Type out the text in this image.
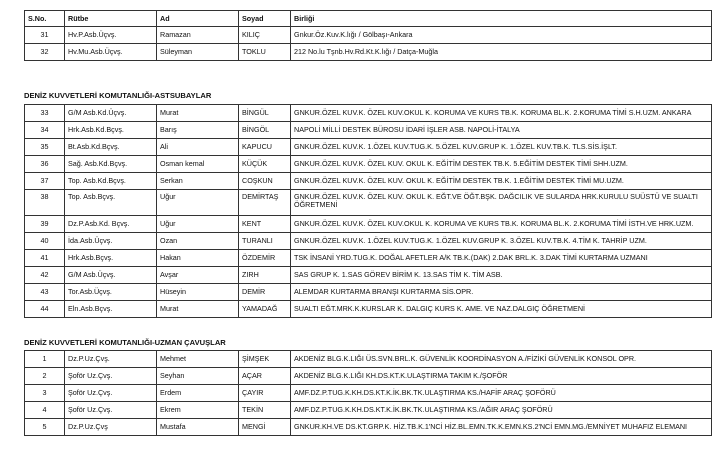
S.No.	Rütbe	Ad	Soyad	Birliği
31	Hv.P.Asb.Üçvş.	Ramazan	KILIÇ	Gnkur.Öz.Kuv.K.lığı / Gölbaşı-Ankara
32	Hv.Mu.Asb.Üçvş.	Süleyman	TOKLU	212 No.lu Tşnb.Hv.Rd.Kt.K.lığı / Datça-Muğla
DENİZ KUVVETLERİ KOMUTANLIĞI-ASTSUBAYLAR
33	G/M Asb.Kd.Üçvş.	Murat	BİNGÜL	GNKUR.ÖZEL KUV.K. ÖZEL KUV.OKUL K. KORUMA VE KURS TB.K. KORUMA BL.K. 2.KORUMA TİMİ S.H.UZM. ANKARA
34	Hrk.Asb.Kd.Bçvş.	Barış	BİNGÖL	NAPOLİ MİLLİ DESTEK BÜROSU İDARİ İŞLER ASB. NAPOLİ-İTALYA
35	Bt.Asb.Kd.Bçvş.	Ali	KAPUCU	GNKUR.ÖZEL KUV.K. 1.ÖZEL KUV.TUG.K. 5.ÖZEL KUV.GRUP K. 1.ÖZEL KUV.TB.K. TLS.SİS.İŞLT.
36	Sağ. Asb.Kd.Bçvş.	Osman kemal	KÜÇÜK	GNKUR.ÖZEL KUV.K. ÖZEL KUV. OKUL K. EĞİTİM DESTEK TB.K. 5.EĞİTİM DESTEK TİMİ SHH.UZM.
37	Top. Asb.Kd.Bçvş.	Serkan	COŞKUN	GNKUR.ÖZEL KUV.K. ÖZEL KUV. OKUL K. EĞİTİM DESTEK TB.K. 1.EĞİTİM DESTEK TİMİ MU.UZM.
38	Top. Asb.Bçvş.	Uğur	DEMİRTAŞ	GNKUR.ÖZEL KUV.K. ÖZEL KUV. OKUL K. EĞT.VE ÖĞT.BŞK. DAĞCILIK VE SULARDA HRK.KURULU SUÜSTÜ VE SUALTI ÖĞRETMENİ
39	Dz.P.Asb.Kd. Bçvş.	Uğur	KENT	GNKUR.ÖZEL KUV.K. ÖZEL KUV.OKUL K. KORUMA VE KURS TB.K. KORUMA BL.K. 2.KORUMA TİMİ İSTH.VE HRK.UZM.
40	İda.Asb.Üçvş.	Ozan	TURANLI	GNKUR.ÖZEL KUV.K. 1.ÖZEL KUV.TUG.K. 1.ÖZEL KUV.GRUP K. 3.ÖZEL KUV.TB.K. 4.TİM K. TAHRİP UZM.
41	Hrk.Asb.Bçvş.	Hakan	ÖZDEMİR	TSK İNSANİ YRD.TUG.K. DOĞAL AFETLER A/K TB.K.(DAK) 2.DAK BRL.K. 3.DAK TİMİ KURTARMA UZMANI
42	G/M Asb.Üçvş.	Avşar	ZIRH	SAS GRUP K. 1.SAS GÖREV BİRİM K. 13.SAS TİM K. TİM ASB.
43	Tor.Asb.Üçvş.	Hüseyin	DEMİR	ALEMDAR KURTARMA BRANŞI KURTARMA SİS.OPR.
44	Eln.Asb.Bçvş.	Murat	YAMADAĞ	SUALTI EĞT.MRK.K.KURSLAR K. DALGIÇ KURS K. AME. VE NAZ.DALGIÇ ÖĞRETMENİ
DENİZ KUVVETLERİ KOMUTANLIĞI-UZMAN ÇAVUŞLAR
1	Dz.P.Uz.Çvş.	Mehmet	ŞİMŞEK	AKDENİZ BLG.K.LIĞI ÜS.SVN.BRL.K. GÜVENLİK KOORDİNASYON A./FİZİKİ GÜVENLİK KONSOL OPR.
2	Şoför Uz.Çvş.	Seyhan	AÇAR	AKDENİZ BLG.K.LIĞI KH.DS.KT.K.ULAŞTIRMA TAKIM K./ŞOFÖR
3	Şoför Uz.Çvş.	Erdem	ÇAYIR	AMF.DZ.P.TUG.K.KH.DS.KT.K.İK.BK.TK.ULAŞTIRMA KS./HAFİF ARAÇ ŞOFÖRÜ
4	Şoför Uz.Çvş.	Ekrem	TEKİN	AMF.DZ.P.TUG.K.KH.DS.KT.K.İK.BK.TK.ULAŞTIRMA KS./AĞIR ARAÇ ŞOFÖRÜ
5	Dz.P.Uz.Çvş	Mustafa	MENGİ	GNKUR.KH.VE DS.KT.GRP.K. HİZ.TB.K.1'NCİ HİZ.BL.EMN.TK.K.EMN.KS.2'NCİ EMN.MG./EMNİYET MUHAFIZ ELEMANI
